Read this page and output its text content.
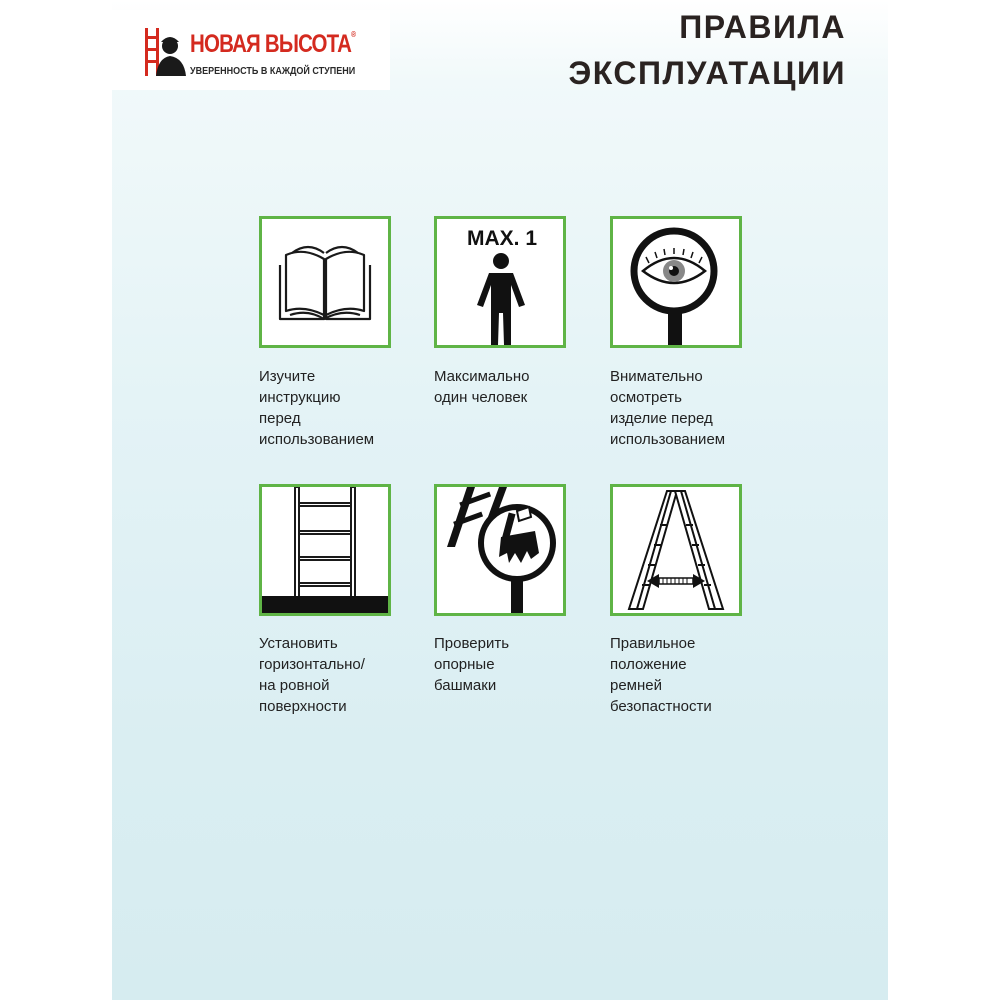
НОВАЯ ВЫСОТА®
УВЕРЕННОСТЬ В КАЖДОЙ СТУПЕНИ
ПРАВИЛА
ЭКСПЛУАТАЦИИ
Изучите
инструкцию
перед
использованием
MAX. 1
Максимально
один человек
Внимательно
осмотреть
изделие перед
использованием
Установить
горизонтально/
на ровной
поверхности
Проверить
опорные
башмаки
Правильное
положение
ремней
безопастности
